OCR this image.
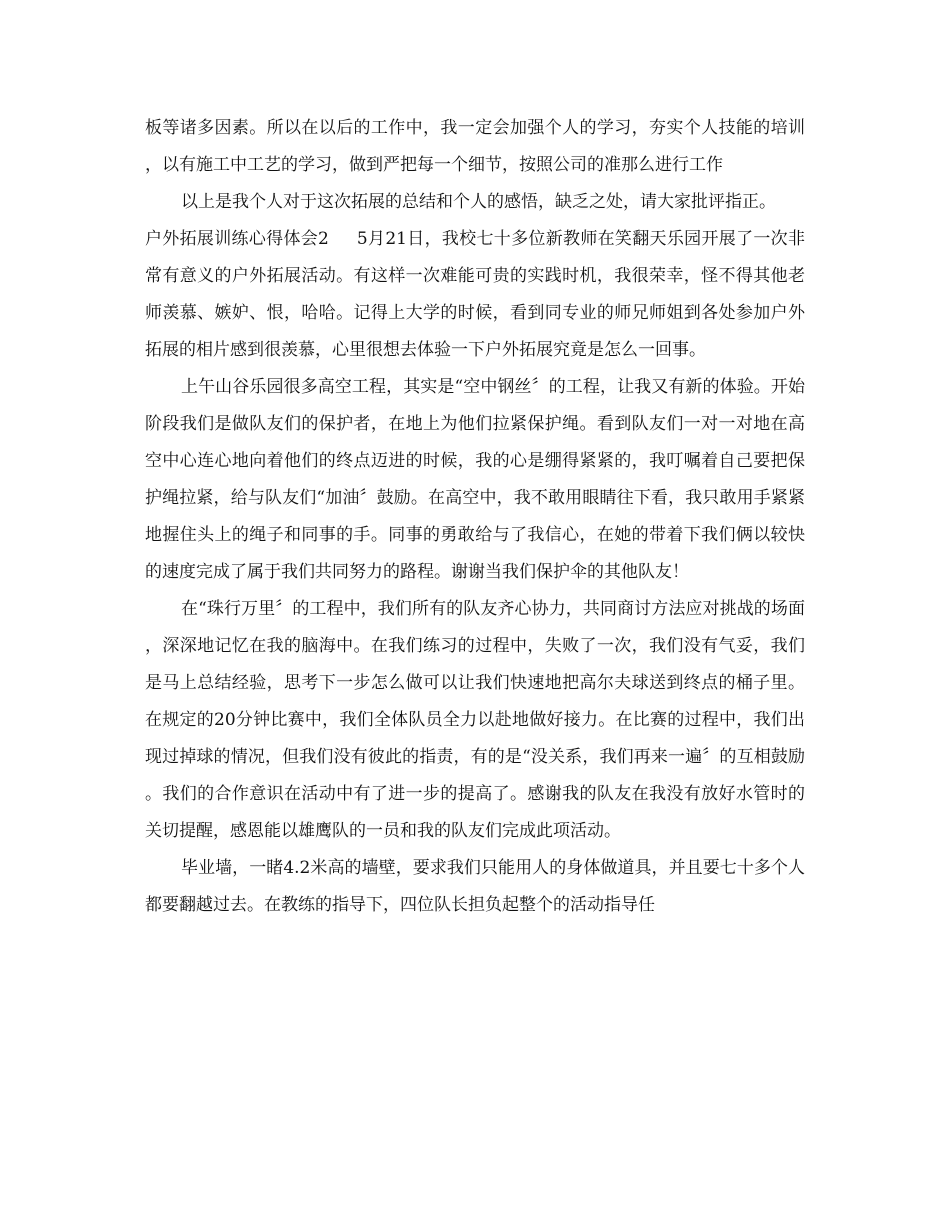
板等诸多因素。所以在以后的工作中，我一定会加强个人的学习，夯实个人技能的培训，以有施工中工艺的学习，做到严把每一个细节，按照公司的准那么进行工作

以上是我个人对于这次拓展的总结和个人的感悟，缺乏之处，请大家批评指正。

户外拓展训练心得体会2 5月21日，我校七十多位新教师在笑翻天乐园开展了一次非常有意义的户外拓展活动。有这样一次难能可贵的实践时机，我很荣幸，怪不得其他老师羡慕、嫉妒、恨，哈哈。记得上大学的时候，看到同专业的师兄师姐到各处参加户外拓展的相片感到很羡慕，心里很想去体验一下户外拓展究竟是怎么一回事。

上午山谷乐园很多高空工程，其实是“空中钢丝〞的工程，让我又有新的体验。开始阶段我们是做队友们的保护者，在地上为他们拉紧保护绳。看到队友们一对一对地在高空中心连心地向着他们的终点迈进的时候，我的心是绷得紧紧的，我叮嘱着自己要把保护绳拉紧，给与队友们“加油〞鼓励。在高空中，我不敢用眼睛往下看，我只敢用手紧紧地握住头上的绳子和同事的手。同事的勇敢给与了我信心，在她的带着下我们俩以较快的速度完成了属于我们共同努力的路程。谢谢当我们保护伞的其他队友！

在“珠行万里〞的工程中，我们所有的队友齐心协力，共同商讨方法应对挑战的场面，深深地记忆在我的脑海中。在我们练习的过程中，失败了一次，我们没有气妥，我们是马上总结经验，思考下一步怎么做可以让我们快速地把高尔夫球送到终点的桶子里。在规定的20分钟比赛中，我们全体队员全力以赴地做好接力。在比赛的过程中，我们出现过掉球的情况，但我们没有彼此的指责，有的是“没关系，我们再来一遍〞的互相鼓励。我们的合作意识在活动中有了进一步的提高了。感谢我的队友在我没有放好水管时的关切提醒，感恩能以雄鹰队的一员和我的队友们完成此项活动。

毕业墙，一睹4.2米高的墙壁，要求我们只能用人的身体做道具，并且要七十多个人都要翻越过去。在教练的指导下，四位队长担负起整个的活动指导任
